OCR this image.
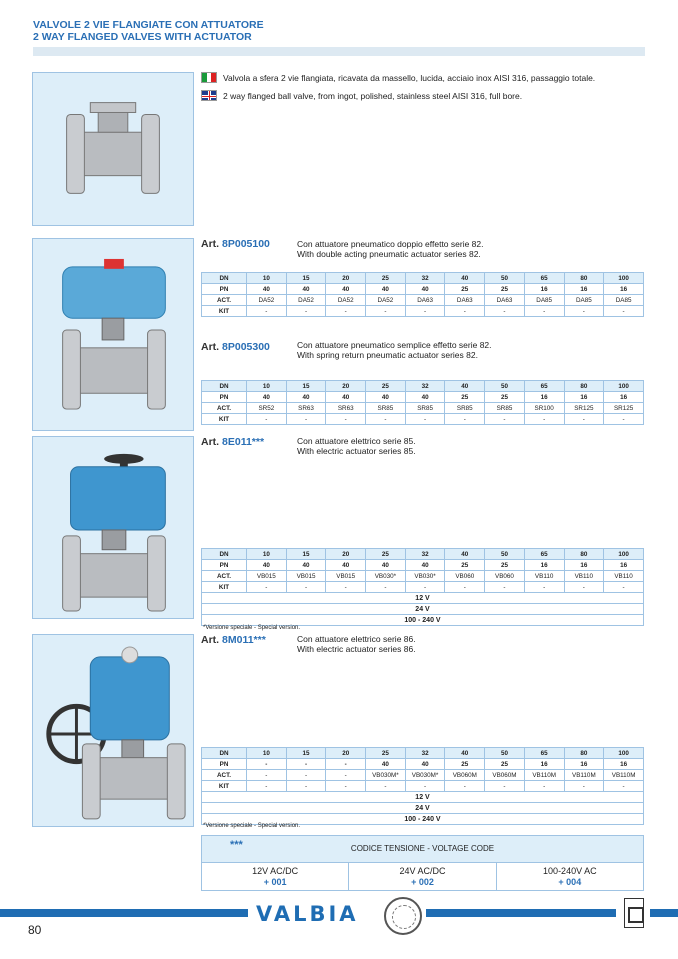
VALVOLE 2 VIE FLANGIATE CON ATTUATORE
2 WAY FLANGED VALVES WITH ACTUATOR
Valvola a sfera 2 vie flangiata, ricavata da massello, lucida, acciaio inox AISI 316, passaggio totale.
2 way flanged ball valve, from ingot, polished, stainless steel AISI 316, full bore.
Art. 8P005100	Con attuatore pneumatico doppio effetto serie 82.
With double acting pneumatic actuator series 82.
DN	10	15	20	25	32	40	50	65	80	100
PN	40	40	40	40	40	25	25	16	16	16
ACT.	DA52	DA52	DA52	DA52	DA63	DA63	DA63	DA85	DA85	DA85
KIT	-	-	-	-	-	-	-	-	-	-
Art. 8P005300	Con attuatore pneumatico semplice effetto serie 82.
With spring return pneumatic actuator series 82.
DN	10	15	20	25	32	40	50	65	80	100
PN	40	40	40	40	40	25	25	16	16	16
ACT.	SR52	SR63	SR63	SR85	SR85	SR85	SR85	SR100	SR125	SR125
KIT	-	-	-	-	-	-	-	-	-	-
Art. 8E011***	Con attuatore elettrico serie 85.
With electric actuator series 85.
DN	10	15	20	25	32	40	50	65	80	100
PN	40	40	40	40	40	25	25	16	16	16
ACT.	VB015	VB015	VB015	VB030*	VB030*	VB060	VB060	VB110	VB110	VB110
KIT	-	-	-	-	-	-	-	-	-	-
12 V										
24 V										
100 - 240 V										
*Versione speciale - Special version.
Art. 8M011***	Con attuatore elettrico serie 86.
With electric actuator series 86.
DN	10	15	20	25	32	40	50	65	80	100
PN	-	-	-	40	40	25	25	16	16	16
ACT.	-	-	-	VB030M*	VB030M*	VB060M	VB060M	VB110M	VB110M	VB110M
KIT	-	-	-	-	-	-	-	-	-	-
12 V										
24 V										
100 - 240 V										
*Versione speciale - Special version.
***	CODICE TENSIONE - VOLTAGE CODE
12V AC/DC
+ 001
24V AC/DC
+ 002
100-240V AC
+ 004
VALBIA
80
